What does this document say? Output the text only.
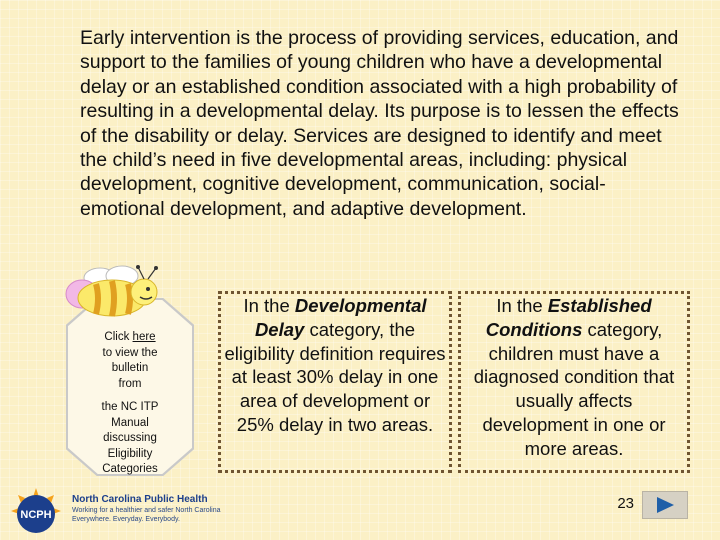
Early intervention is the process of providing services, education, and support to the families of young children who have a developmental delay or an established condition associated with a high probability of resulting in a developmental delay. Its purpose is to lessen the effects of the disability or delay. Services are designed to identify and meet the child’s need in five developmental areas, including: physical development, cognitive development, communication, social-emotional development, and adaptive development.
Click here
to view the
bulletin
from
the NC ITP
Manual
discussing
Eligibility
Categories
In the Developmental
Delay category, the eligibility definition requires at least 30% delay in one area of development or 25% delay in two areas.
In the Established
Conditions category, children must have a diagnosed condition that usually affects development in one or more areas.
NCPH
North Carolina Public Health
Working for a healthier and safer North Carolina
Everywhere. Everyday. Everybody.
23
